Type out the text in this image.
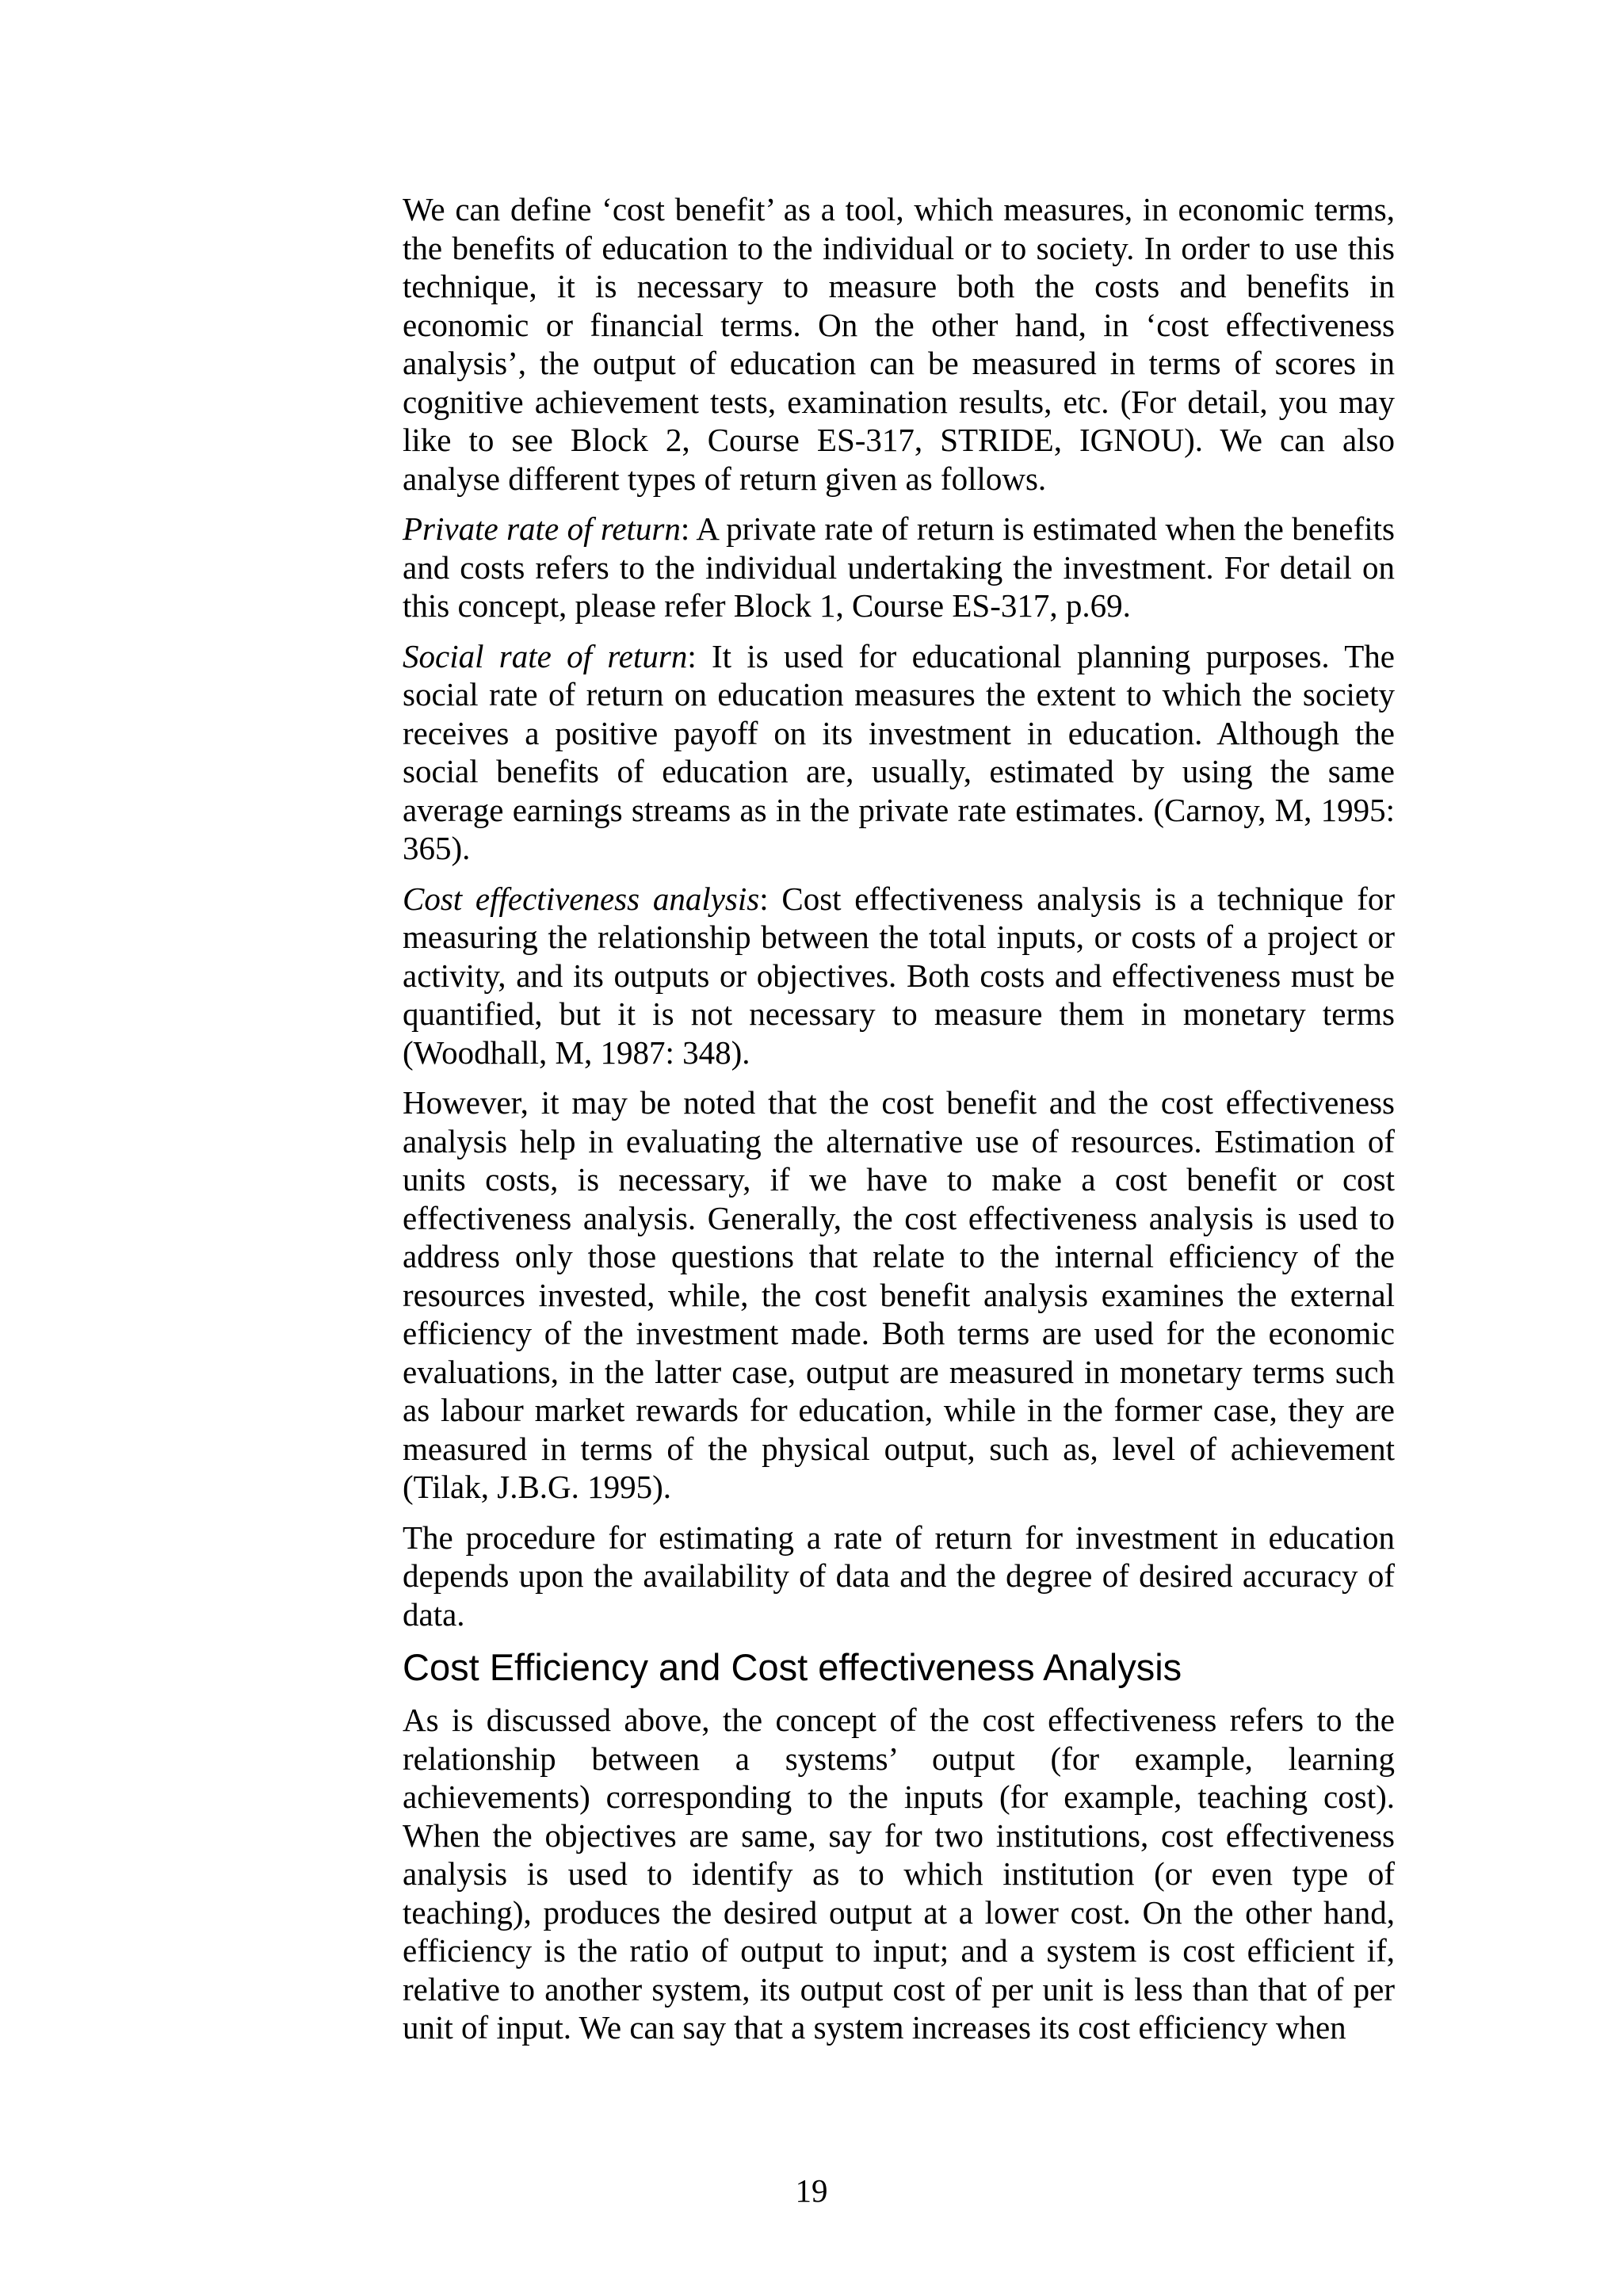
We can define ‘cost benefit’ as a tool, which measures, in economic terms, the benefits of education to the individual or to society. In order to use this technique, it is necessary to measure both the costs and benefits in economic or financial terms. On the other hand, in ‘cost effectiveness analysis’, the output of education can be measured in terms of scores in cognitive achievement tests, examination results, etc. (For detail, you may like to see Block 2, Course ES-317, STRIDE, IGNOU). We can also analyse different types of return given as follows.

Private rate of return: A private rate of return is estimated when the benefits and costs refers to the individual undertaking the investment. For detail on this concept, please refer Block 1, Course ES-317, p.69.

Social rate of return: It is used for educational planning purposes. The social rate of return on education measures the extent to which the society receives a positive payoff on its investment in education. Although the social benefits of education are, usually, estimated by using the same average earnings streams as in the private rate estimates. (Carnoy, M, 1995: 365).

Cost effectiveness analysis: Cost effectiveness analysis is a technique for measuring the relationship between the total inputs, or costs of a project or activity, and its outputs or objectives. Both costs and effectiveness must be quantified, but it is not necessary to measure them in monetary terms (Woodhall, M, 1987: 348).

However, it may be noted that the cost benefit and the cost effectiveness analysis help in evaluating the alternative use of resources. Estimation of units costs, is necessary, if we have to make a cost benefit or cost effectiveness analysis. Generally, the cost effectiveness analysis is used to address only those questions that relate to the internal efficiency of the resources invested, while, the cost benefit analysis examines the external efficiency of the investment made. Both terms are used for the economic evaluations, in the latter case, output are measured in monetary terms such as labour market rewards for education, while in the former case, they are measured in terms of the physical output, such as, level of achievement (Tilak, J.B.G. 1995).

The procedure for estimating a rate of return for investment in education depends upon the availability of data and the degree of desired accuracy of data.

Cost Efficiency and Cost effectiveness Analysis

As is discussed above, the concept of the cost effectiveness refers to the relationship between a systems’ output (for example, learning achievements) corresponding to the inputs (for example, teaching cost). When the objectives are same, say for two institutions, cost effectiveness analysis is used to identify as to which institution (or even type of teaching), produces the desired output at a lower cost. On the other hand, efficiency is the ratio of output to input; and a system is cost efficient if, relative to another system, its output cost of per unit is less than that of per unit of input. We can say that a system increases its cost efficiency when

19
